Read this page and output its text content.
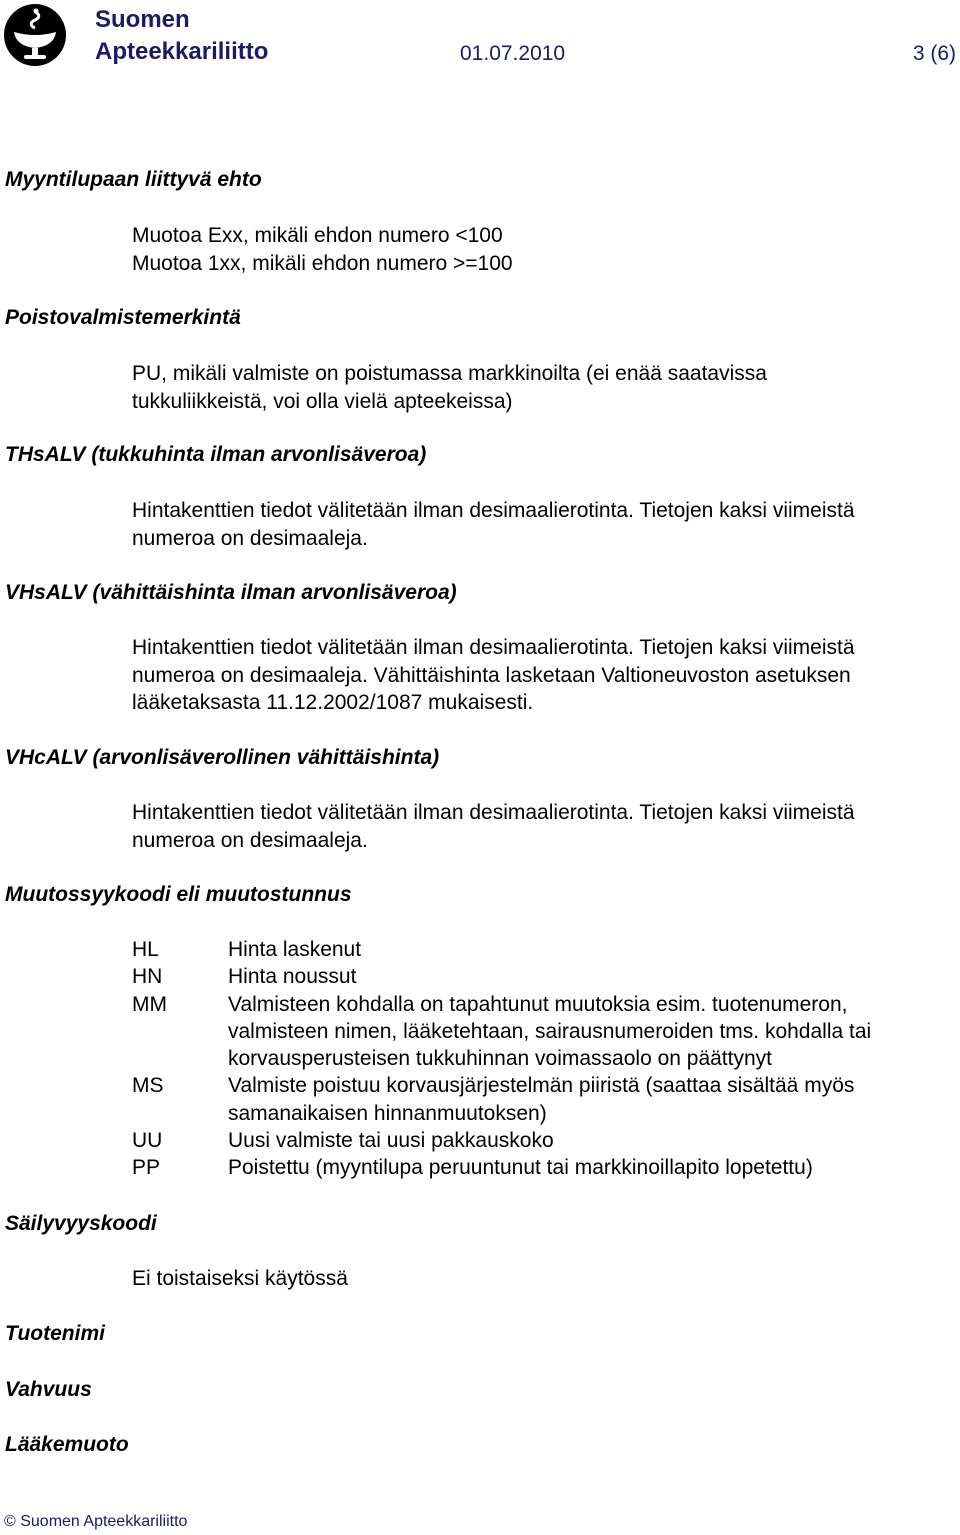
Suomen
Apteekkariliitto	01.07.2010	3 (6)
Myyntilupaan liittyvä ehto
Muotoa Exx, mikäli ehdon numero <100
Muotoa 1xx, mikäli ehdon numero >=100
Poistovalmistemerkintä
PU, mikäli valmiste on poistumassa markkinoilta (ei enää saatavissa
tukkuliikkeistä, voi olla vielä apteekeissa)
THsALV (tukkuhinta ilman arvonlisäveroa)
Hintakenttien tiedot välitetään ilman desimaalierotinta. Tietojen kaksi viimeistä
numeroa on desimaaleja.
VHsALV (vähittäishinta ilman arvonlisäveroa)
Hintakenttien tiedot välitetään ilman desimaalierotinta. Tietojen kaksi viimeistä
numeroa on desimaaleja. Vähittäishinta lasketaan Valtioneuvoston asetuksen
lääketaksasta 11.12.2002/1087 mukaisesti.
VHcALV (arvonlisäverollinen vähittäishinta)
Hintakenttien tiedot välitetään ilman desimaalierotinta. Tietojen kaksi viimeistä
numeroa on desimaaleja.
Muutossyykoodi eli muutostunnus
HL	Hinta laskenut
HN	Hinta noussut
MM	Valmisteen kohdalla on tapahtunut muutoksia esim. tuotenumeron,
valmisteen nimen, lääketehtaan, sairausnumeroiden tms. kohdalla tai
korvausperusteisen tukkuhinnan voimassaolo on päättynyt
MS	Valmiste poistuu korvausjärjestelmän piiristä (saattaa sisältää myös
samanaikaisen hinnanmuutoksen)
UU	Uusi valmiste tai uusi pakkauskoko
PP	Poistettu (myyntilupa peruuntunut tai markkinoillapito lopetettu)
Säilyvyyskoodi
Ei toistaiseksi käytössä
Tuotenimi
Vahvuus
Lääkemuoto
© Suomen Apteekkariliitto
